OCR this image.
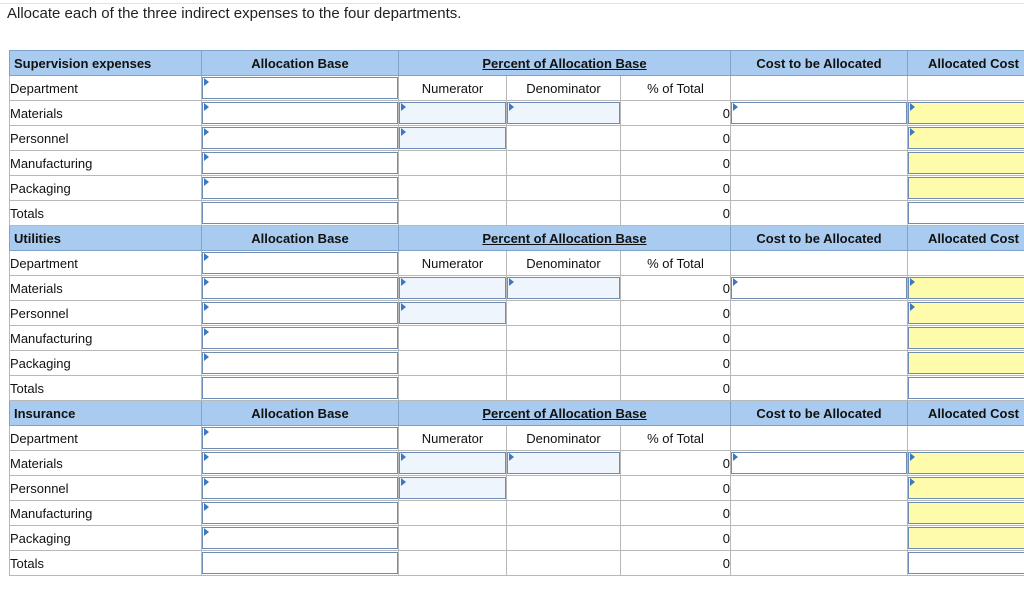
Allocate each of the three indirect expenses to the four departments.

Supervision expenses	Allocation Base	Percent of Allocation Base			Cost to be Allocated	Allocated Cost
Department		Numerator	Denominator	% of Total		
Materials				0	

Personnel				0		

Manufacturing				0		

Packaging				0		

Totals				0		

Utilities	Allocation Base	Percent of Allocation Base			Cost to be Allocated	Allocated Cost
Department		Numerator	Denominator	% of Total		
Materials				0	

Personnel				0		

Manufacturing				0		

Packaging				0		

Totals				0		

Insurance	Allocation Base	Percent of Allocation Base			Cost to be Allocated	Allocated Cost
Department		Numerator	Denominator	% of Total		
Materials				0	

Personnel				0		

Manufacturing				0		

Packaging				0		

Totals				0		
